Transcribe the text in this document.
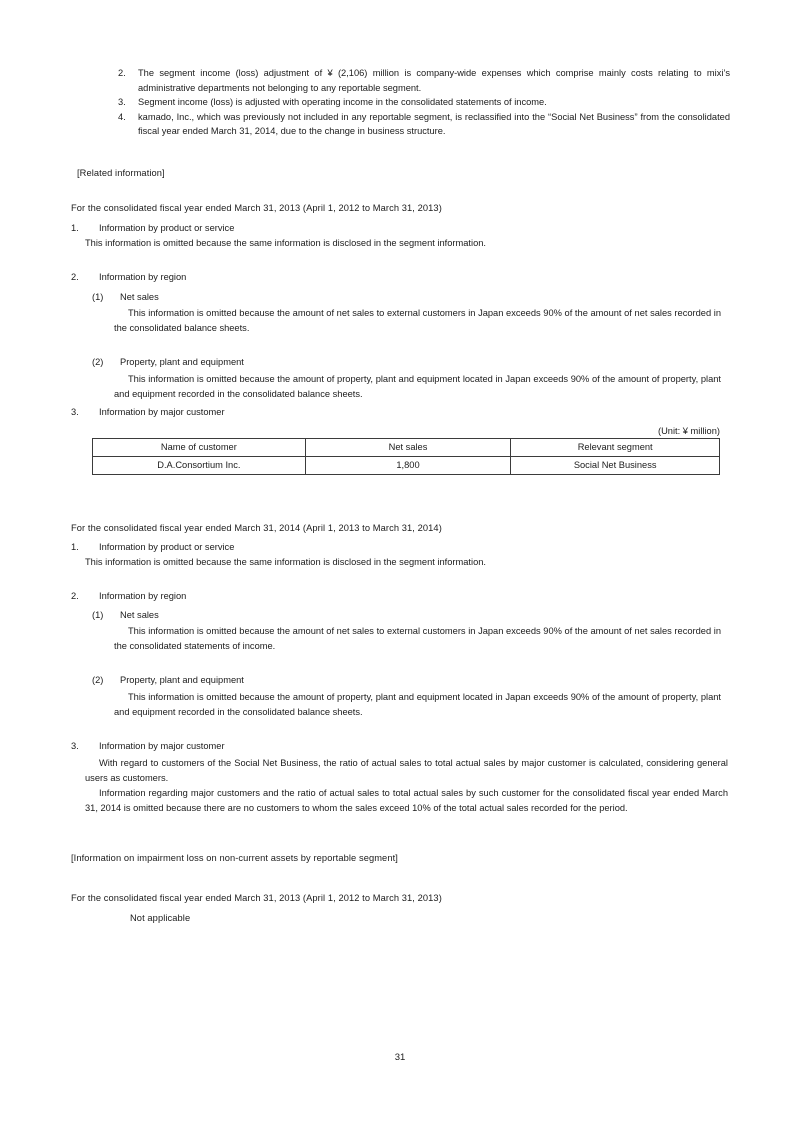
2.	The segment income (loss) adjustment of ¥ (2,106) million is company-wide expenses which comprise mainly costs relating to mixi’s administrative departments not belonging to any reportable segment.
3.	Segment income (loss) is adjusted with operating income in the consolidated statements of income.
4.	kamado, Inc., which was previously not included in any reportable segment, is reclassified into the “Social Net Business” from the consolidated fiscal year ended March 31, 2014, due to the change in business structure.
[Related information]
For the consolidated fiscal year ended March 31, 2013 (April 1, 2012 to March 31, 2013)
1.	Information by product or service
This information is omitted because the same information is disclosed in the segment information.
2.	Information by region
(1)	Net sales
This information is omitted because the amount of net sales to external customers in Japan exceeds 90% of the amount of net sales recorded in the consolidated balance sheets.
(2)	Property, plant and equipment
This information is omitted because the amount of property, plant and equipment located in Japan exceeds 90% of the amount of property, plant and equipment recorded in the consolidated balance sheets.
3.	Information by major customer
(Unit: ¥ million)
Name of customer	Net sales	Relevant segment
D.A.Consortium Inc.	1,800	Social Net Business
For the consolidated fiscal year ended March 31, 2014 (April 1, 2013 to March 31, 2014)
1.	Information by product or service
This information is omitted because the same information is disclosed in the segment information.
2.	Information by region
(1)	Net sales
This information is omitted because the amount of net sales to external customers in Japan exceeds 90% of the amount of net sales recorded in the consolidated statements of income.
(2)	Property, plant and equipment
This information is omitted because the amount of property, plant and equipment located in Japan exceeds 90% of the amount of property, plant and equipment recorded in the consolidated balance sheets.
3.	Information by major customer
With regard to customers of the Social Net Business, the ratio of actual sales to total actual sales by major customer is calculated, considering general users as customers.
Information regarding major customers and the ratio of actual sales to total actual sales by such customer for the consolidated fiscal year ended March 31, 2014 is omitted because there are no customers to whom the sales exceed 10% of the total actual sales recorded for the period.
[Information on impairment loss on non-current assets by reportable segment]
For the consolidated fiscal year ended March 31, 2013 (April 1, 2012 to March 31, 2013)
Not applicable
31
